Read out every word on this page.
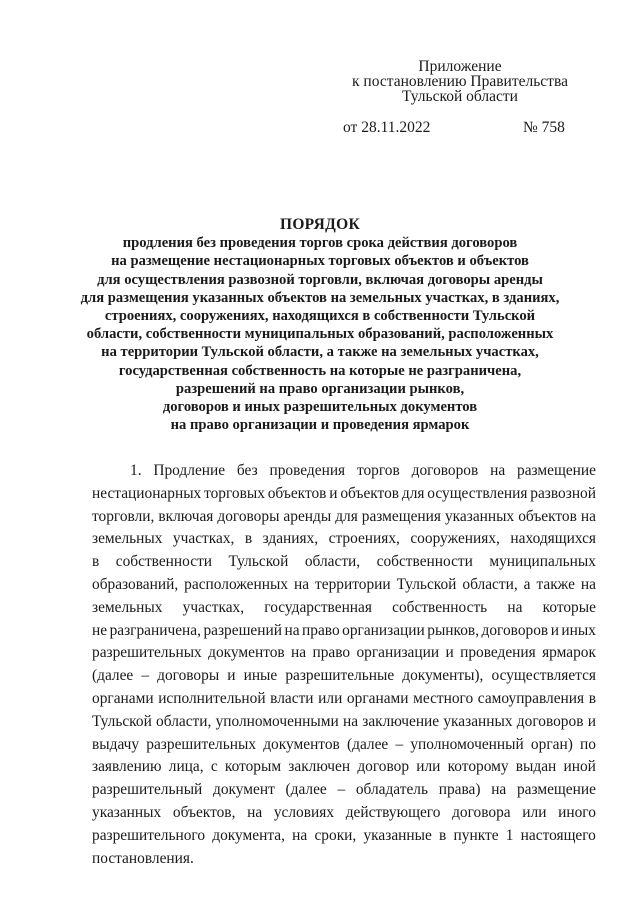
Приложение
к постановлению Правительства
Тульской области
от 28.11.2022	№ 758
ПОРЯДОК
продления без проведения торгов срока действия договоров
на размещение нестационарных торговых объектов и объектов
для осуществления развозной торговли, включая договоры аренды
для размещения указанных объектов на земельных участках, в зданиях,
строениях, сооружениях, находящихся в собственности Тульской
области, собственности муниципальных образований, расположенных
на территории Тульской области, а также на земельных участках,
государственная собственность на которые не разграничена,
разрешений на право организации рынков,
договоров и иных разрешительных документов
на право организации и проведения ярмарок
1. Продление без проведения торгов договоров на размещение
нестационарных торговых объектов и объектов для осуществления развозной
торговли, включая договоры аренды для размещения указанных объектов на
земельных участках, в зданиях, строениях, сооружениях, находящихся
в собственности Тульской области, собственности муниципальных
образований, расположенных на территории Тульской области, а также на
земельных участках, государственная собственность на которые
не разграничена, разрешений на право организации рынков, договоров и иных
разрешительных документов на право организации и проведения ярмарок
(далее – договоры и иные разрешительные документы), осуществляется
органами исполнительной власти или органами местного самоуправления в
Тульской области, уполномоченными на заключение указанных договоров и
выдачу разрешительных документов (далее – уполномоченный орган) по
заявлению лица, с которым заключен договор или которому выдан иной
разрешительный документ (далее – обладатель права) на размещение
указанных объектов, на условиях действующего договора или иного
разрешительного документа, на сроки, указанные в пункте 1 настоящего
постановления.
